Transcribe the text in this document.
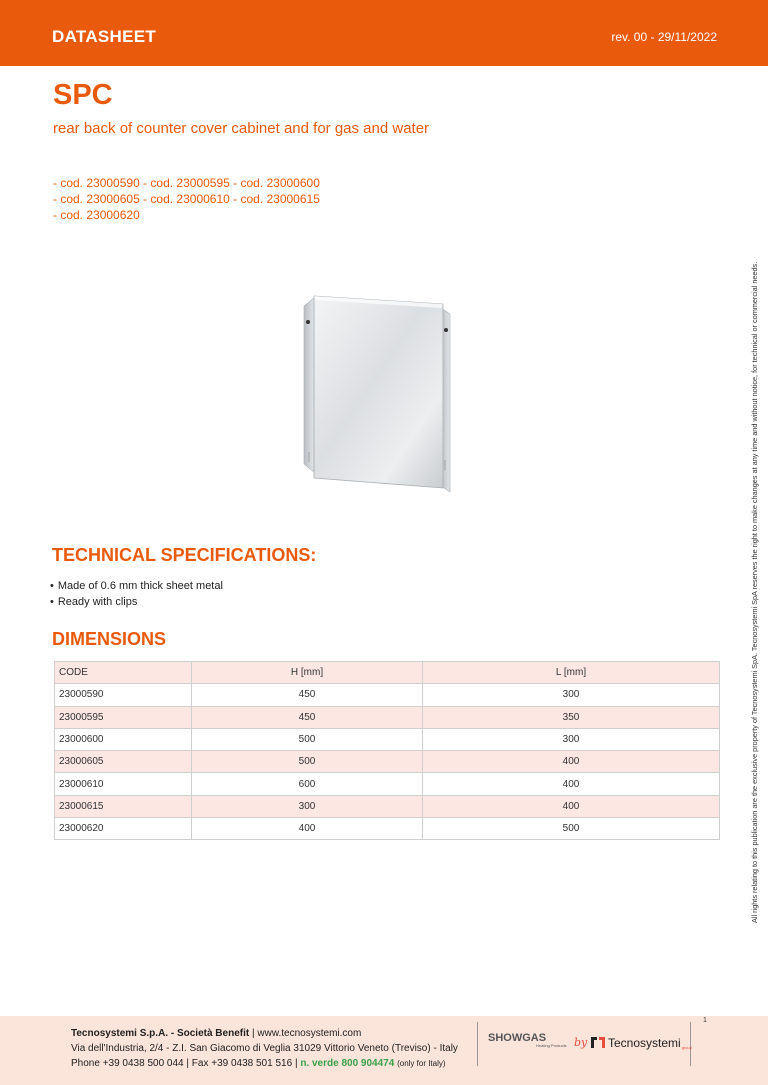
DATASHEET	rev. 00 - 29/11/2022
SPC
rear back of counter cover cabinet and for gas and water
- cod. 23000590 - cod. 23000595 - cod. 23000600
- cod. 23000605 - cod. 23000610 - cod. 23000615
- cod. 23000620
TECHNICAL SPECIFICATIONS:
• Made of 0.6 mm thick sheet metal
• Ready with clips
DIMENSIONS
CODE	H [mm]	L [mm]
23000590	450	300
23000595	450	350
23000600	500	300
23000605	500	400
23000610	600	400
23000615	300	400
23000620	400	500	All rights relating to this publication are the exclusive property of Tecnosystemi SpA. Tecnosystemi SpA reserves the right to make changes at any time and without notice, for technical or commercial needs.
Tecnosystemi S.p.A. - Società Benefit | www.tecnosystemi.com
Via dell'Industria, 2/4 - Z.I. San Giacomo di Veglia 31029 Vittorio Veneto (Treviso) - Italy
Phone +39 0438 500 044 | Fax +39 0438 501 516 | n. verde 800 904474 (only for Italy)
SHOWGAS
Heating Products by Tecnosystemi group
1
